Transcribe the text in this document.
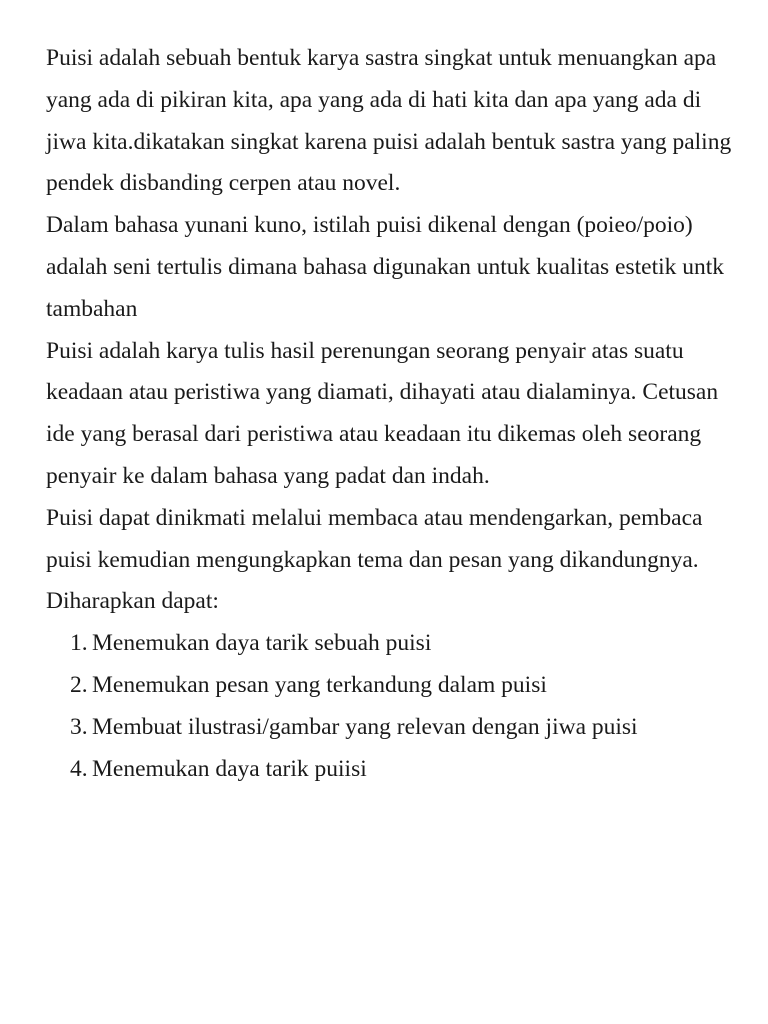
Puisi adalah sebuah bentuk karya sastra singkat untuk menuangkan apa yang ada di pikiran kita, apa yang ada di hati kita dan apa yang ada di jiwa kita.dikatakan singkat karena puisi adalah bentuk sastra yang paling pendek disbanding cerpen atau novel.

Dalam bahasa yunani kuno, istilah puisi dikenal dengan (poieo/poio) adalah seni tertulis dimana bahasa digunakan untuk kualitas estetik untk tambahan

Puisi adalah karya tulis hasil perenungan seorang penyair atas suatu keadaan atau peristiwa yang diamati, dihayati atau dialaminya. Cetusan ide yang berasal dari peristiwa atau keadaan itu dikemas oleh seorang penyair ke dalam bahasa yang padat dan indah.

Puisi dapat dinikmati melalui membaca atau mendengarkan, pembaca puisi kemudian mengungkapkan tema dan pesan yang dikandungnya. Diharapkan dapat:

1. Menemukan daya tarik sebuah puisi
2. Menemukan pesan yang terkandung dalam puisi
3. Membuat ilustrasi/gambar yang relevan dengan jiwa puisi
4. Menemukan daya tarik puiisi
